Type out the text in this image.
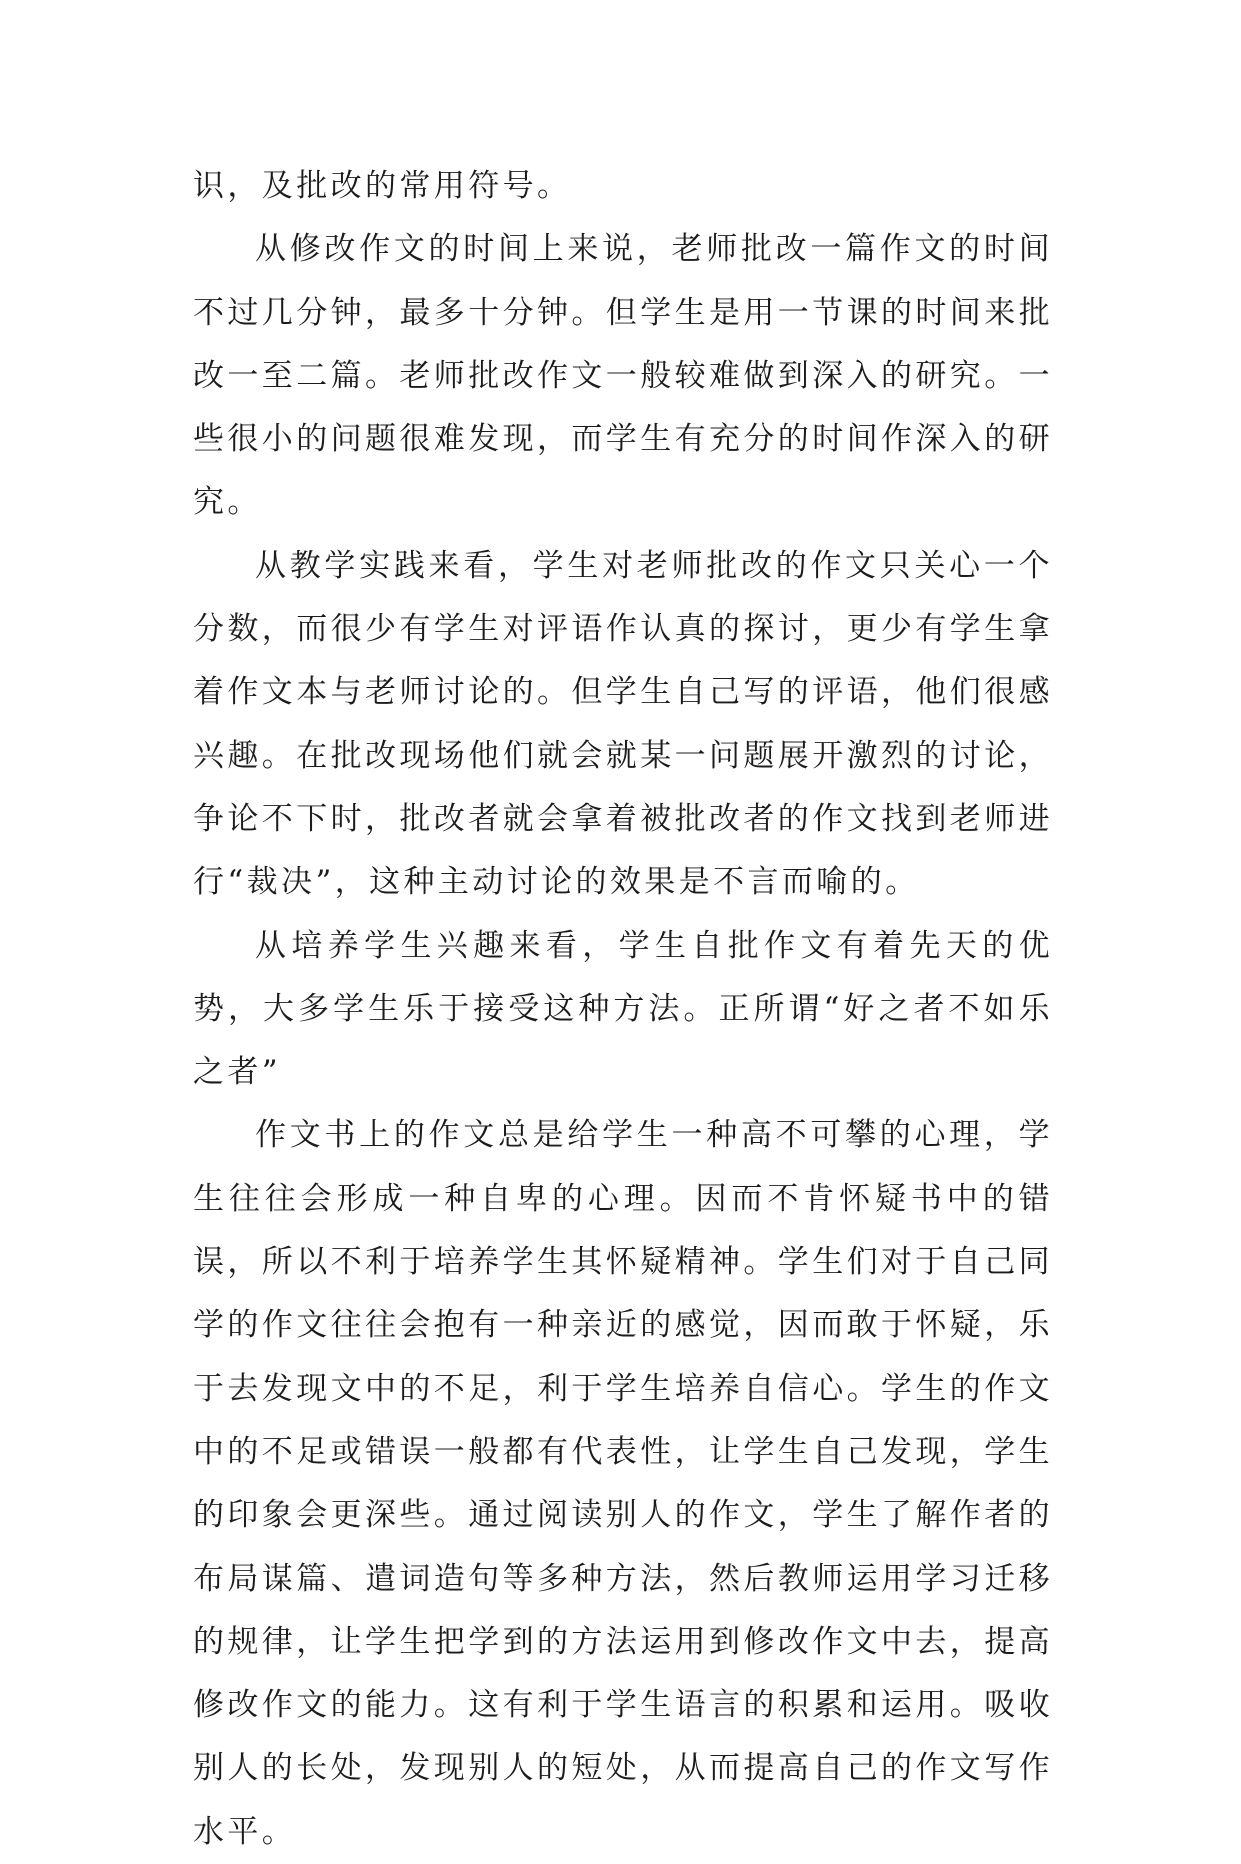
识，及批改的常用符号。

从修改作文的时间上来说，老师批改一篇作文的时间不过几分钟，最多十分钟。但学生是用一节课的时间来批改一至二篇。老师批改作文一般较难做到深入的研究。一些很小的问题很难发现，而学生有充分的时间作深入的研究。

从教学实践来看，学生对老师批改的作文只关心一个分数，而很少有学生对评语作认真的探讨，更少有学生拿着作文本与老师讨论的。但学生自己写的评语，他们很感兴趣。在批改现场他们就会就某一问题展开激烈的讨论，争论不下时，批改者就会拿着被批改者的作文找到老师进行“裁决”，这种主动讨论的效果是不言而喻的。

从培养学生兴趣来看，学生自批作文有着先天的优势，大多学生乐于接受这种方法。正所谓“好之者不如乐之者”

作文书上的作文总是给学生一种高不可攀的心理，学生往往会形成一种自卑的心理。因而不肯怀疑书中的错误，所以不利于培养学生其怀疑精神。学生们对于自己同学的作文往往会抱有一种亲近的感觉，因而敢于怀疑，乐于去发现文中的不足，利于学生培养自信心。学生的作文中的不足或错误一般都有代表性，让学生自己发现，学生的印象会更深些。通过阅读别人的作文，学生了解作者的布局谋篇、遣词造句等多种方法，然后教师运用学习迁移的规律，让学生把学到的方法运用到修改作文中去，提高修改作文的能力。这有利于学生语言的积累和运用。吸收别人的长处，发现别人的短处，从而提高自己的作文写作水平。
